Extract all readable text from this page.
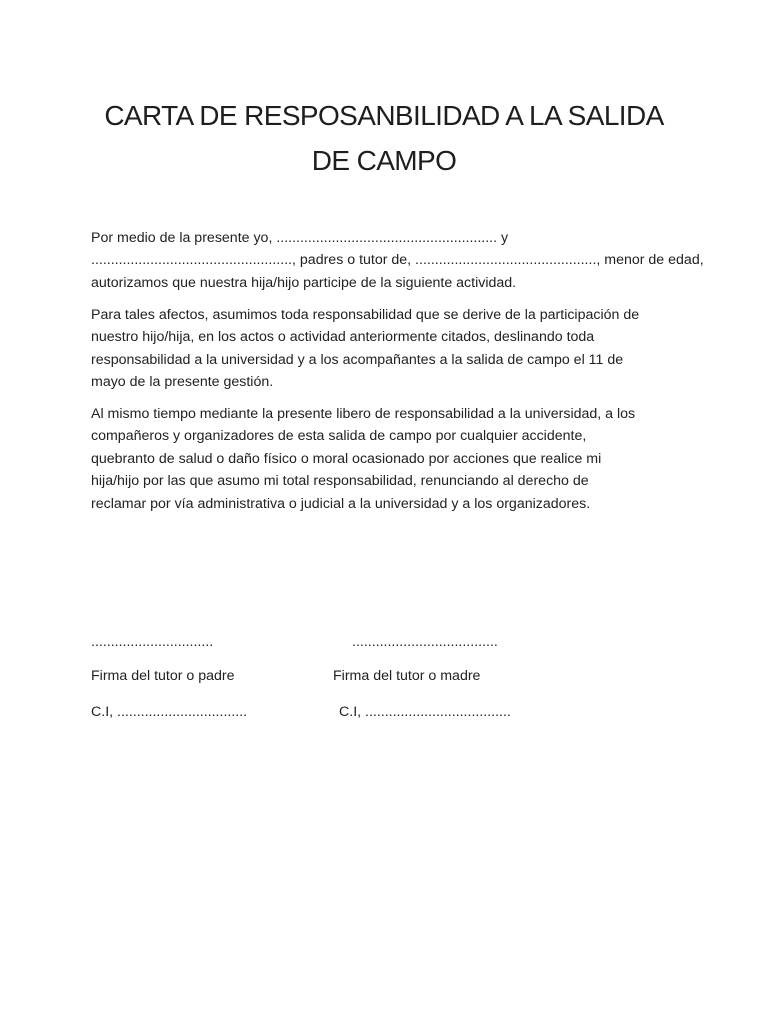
CARTA DE RESPOSANBILIDAD A LA SALIDA
DE CAMPO

Por medio de la presente yo, ........................................................ y
..................................................., padres o tutor de, .............................................., menor de edad,
autorizamos que nuestra hija/hijo participe de la siguiente actividad.

Para tales afectos, asumimos toda responsabilidad que se derive de la participación de
nuestro hijo/hija, en los actos o actividad anteriormente citados, deslinando toda
responsabilidad a la universidad y a los acompañantes a la salida de campo el 11 de
mayo de la presente gestión.

Al mismo tiempo mediante la presente libero de responsabilidad a la universidad, a los
compañeros y organizadores de esta salida de campo por cualquier accidente,
quebranto de salud o daño físico o moral ocasionado por acciones que realice mi
hija/hijo por las que asumo mi total responsabilidad, renunciando al derecho de
reclamar por vía administrativa o judicial a la universidad y a los organizadores.

...............................	.....................................
Firma del tutor o padre	Firma del tutor o madre
C.I, .................................	C.I, .....................................
